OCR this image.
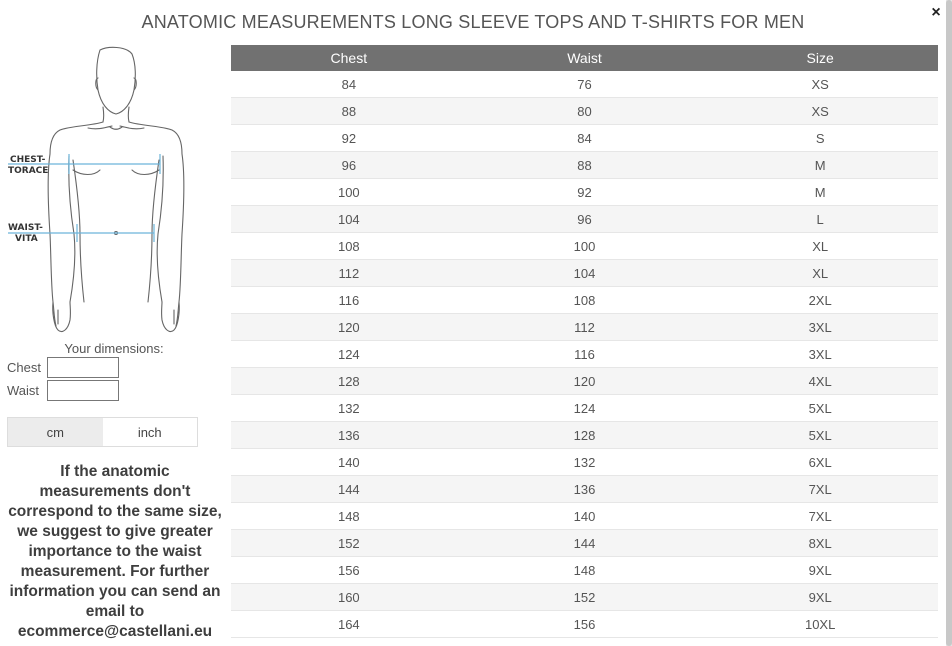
ANATOMIC MEASUREMENTS LONG SLEEVE TOPS AND T-SHIRTS FOR MEN	×
CHEST-
TORACE
WAIST-
VITA
Your dimensions:
Chest
Waist
cm	inch
If the anatomic measurements don't correspond to the same size, we suggest to give greater importance to the waist measurement. For further information you can send an email to ecommerce@castellani.eu
Chest	Waist	Size
84	76	XS
88	80	XS
92	84	S
96	88	M
100	92	M
104	96	L
108	100	XL
112	104	XL
116	108	2XL
120	112	3XL
124	116	3XL
128	120	4XL
132	124	5XL
136	128	5XL
140	132	6XL
144	136	7XL
148	140	7XL
152	144	8XL
156	148	9XL
160	152	9XL
164	156	10XL
